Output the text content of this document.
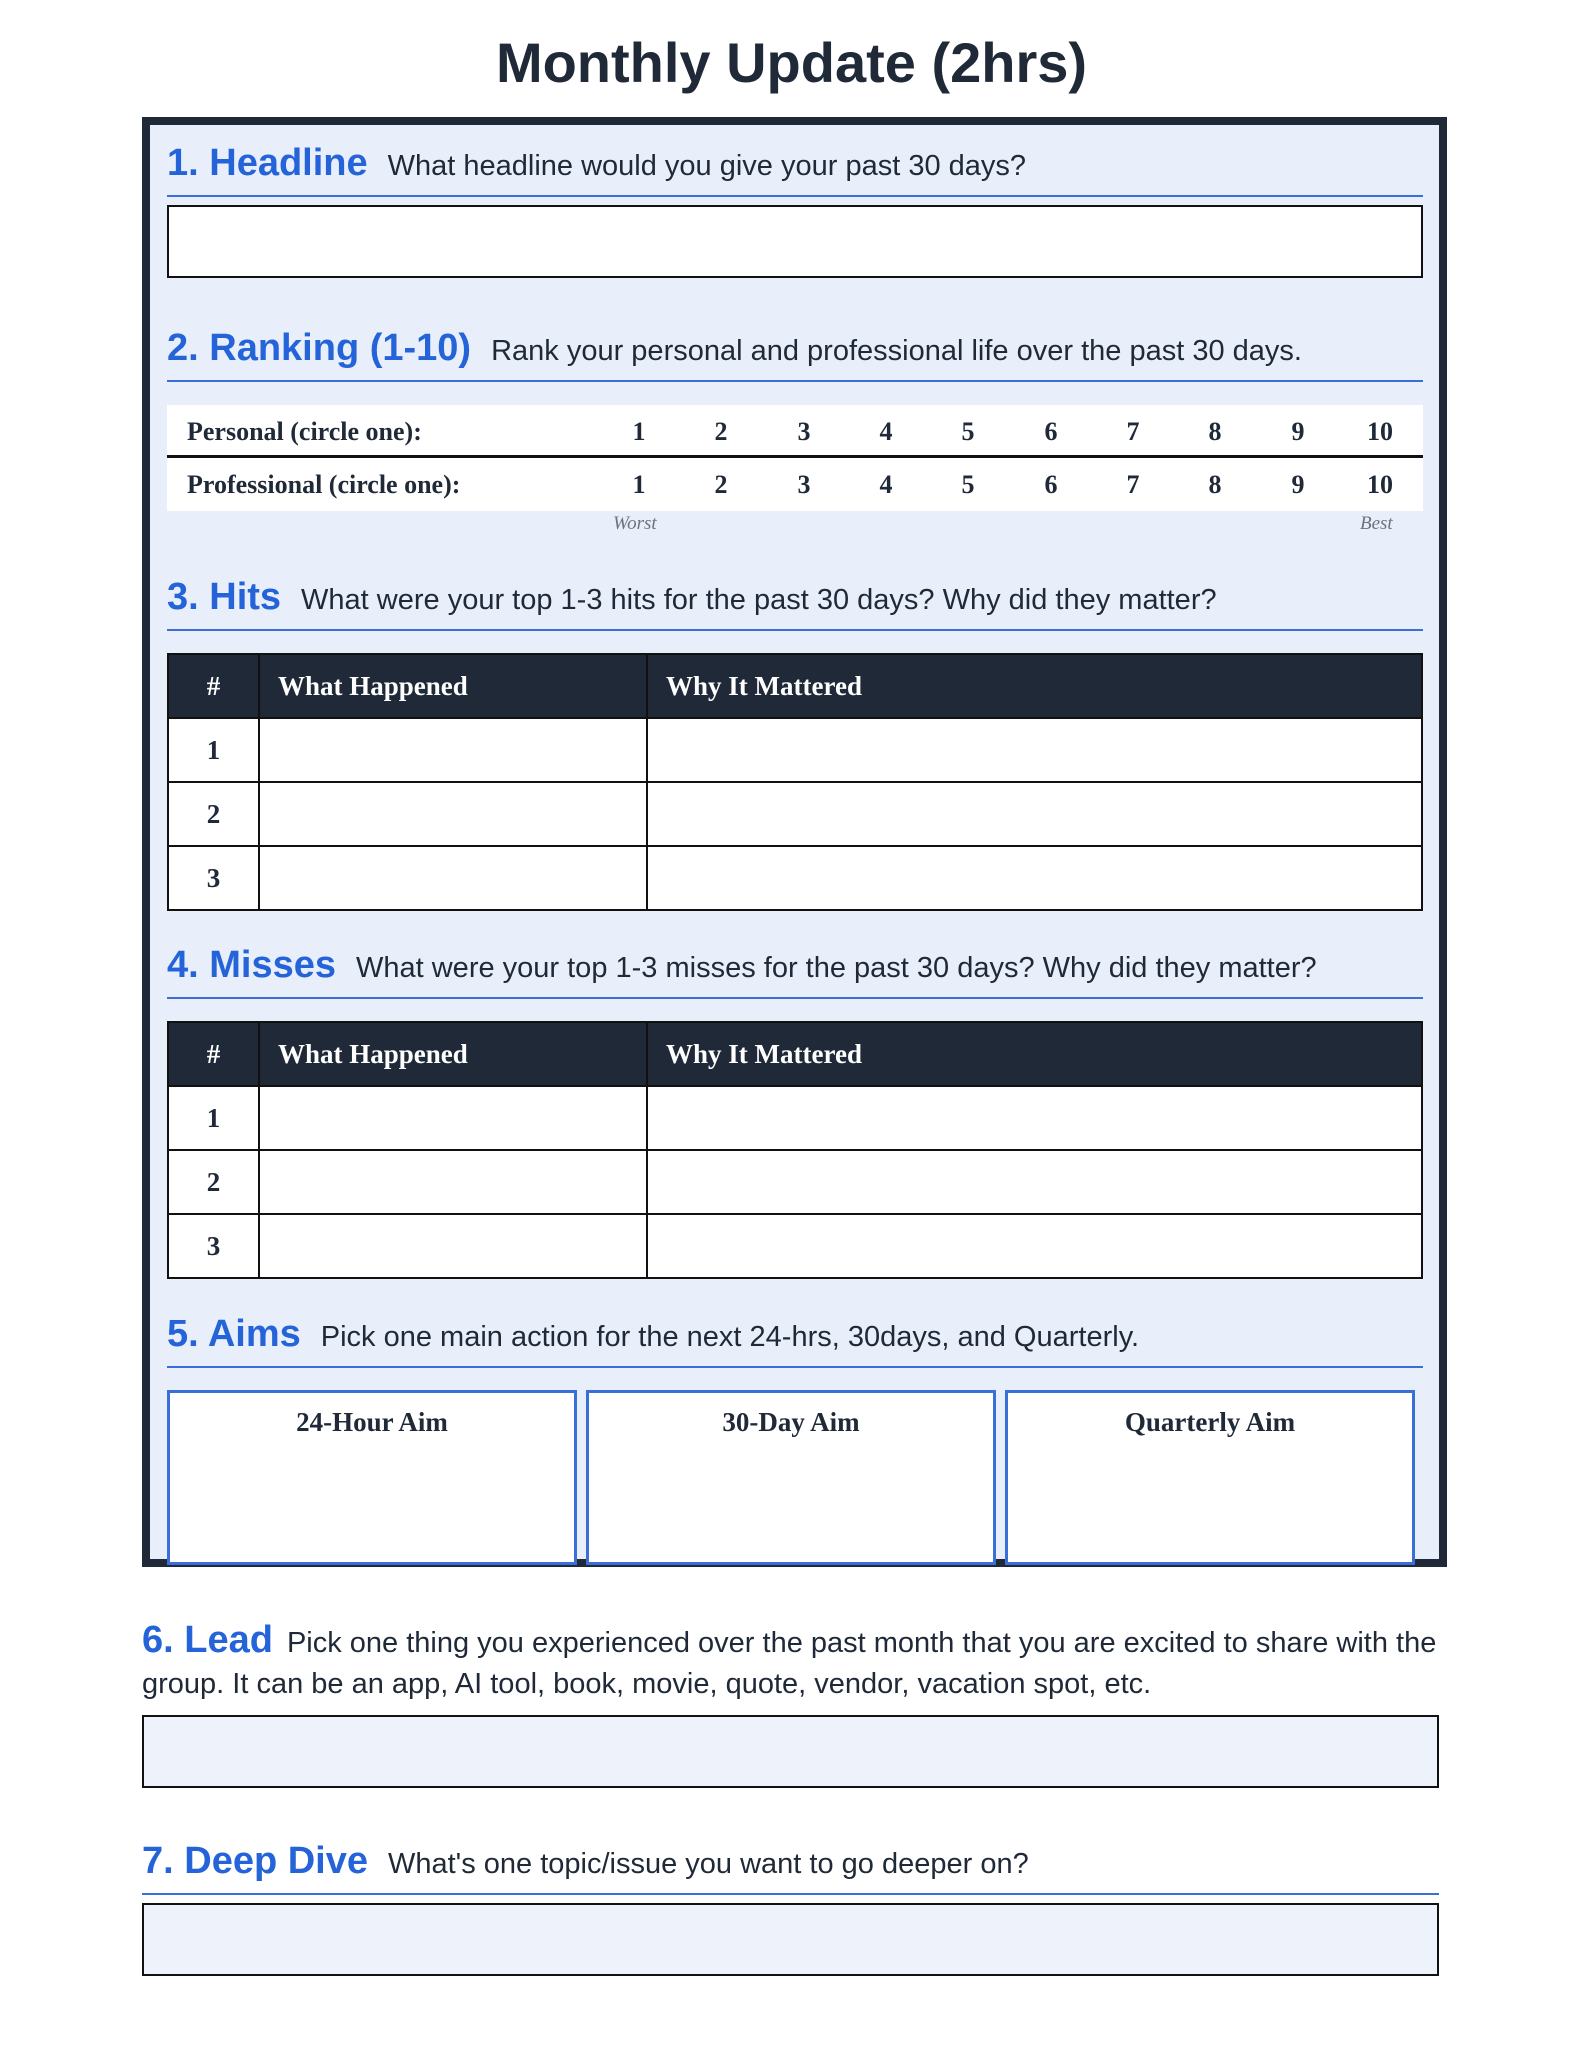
Monthly Update (2hrs)
1. Headline What headline would you give your past 30 days?
2. Ranking (1-10) Rank your personal and professional life over the past 30 days.
Personal (circle one):	1	2	3	4	5	6	7	8	9	10
Professional (circle one):	1	2	3	4	5	6	7	8	9	10
Worst	Best
3. Hits What were your top 1-3 hits for the past 30 days? Why did they matter?
#	What Happened	Why It Mattered
1		
2		
3		
4. Misses What were your top 1-3 misses for the past 30 days? Why did they matter?
#	What Happened	Why It Mattered
1		
2		
3		
5. Aims Pick one main action for the next 24-hrs, 30days, and Quarterly.
24-Hour Aim	30-Day Aim	Quarterly Aim
6. Lead Pick one thing you experienced over the past month that you are excited to share with the group. It can be an app, AI tool, book, movie, quote, vendor, vacation spot, etc.
7. Deep Dive What's one topic/issue you want to go deeper on?
